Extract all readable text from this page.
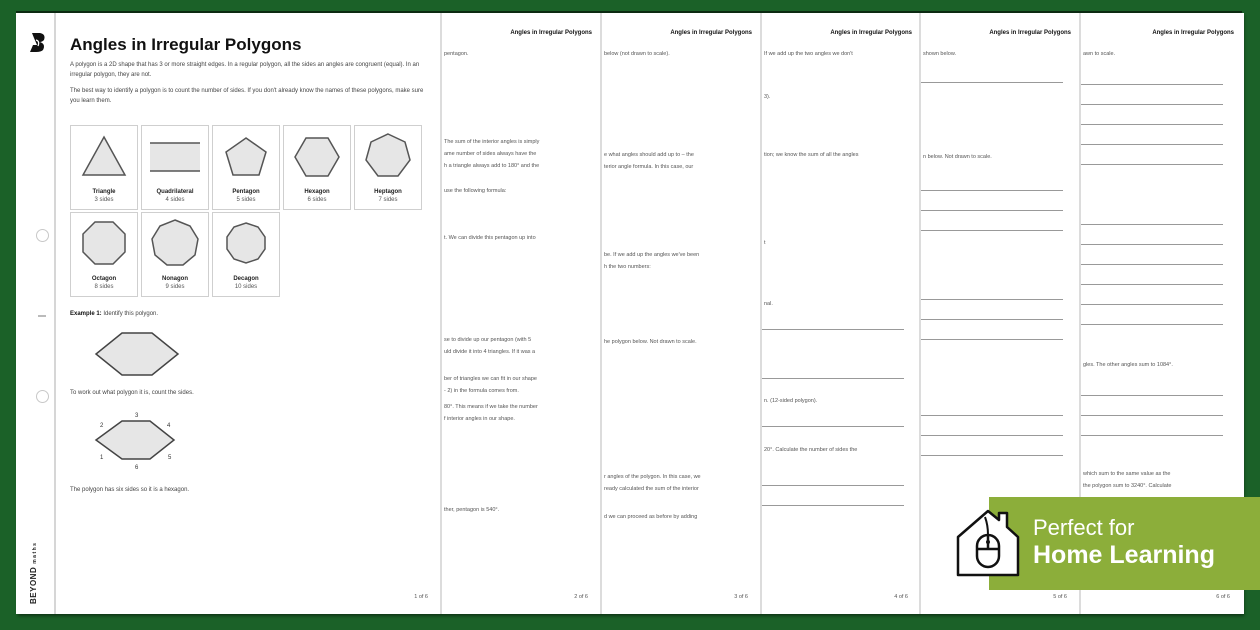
BEYONDmaths
Angles in Irregular Polygons
A polygon is a 2D shape that has 3 or more straight edges. In a regular polygon, all the sides an angles are congruent (equal). In an irregular polygon, they are not.
The best way to identify a polygon is to count the number of sides. If you don't already know the names of these polygons, make sure you learn them.
Triangle
3 sides
Quadrilateral
4 sides
Pentagon
5 sides
Hexagon
6 sides
Heptagon
7 sides
Octagon
8 sides
Nonagon
9 sides
Decagon
10 sides
Example 1: Identify this polygon.
To work out what polygon it is, count the sides.
3
4
5
6
1
2
The polygon has six sides so it is a hexagon.
1 of 6
Angles in Irregular Polygons
2 of 6
pentagon.
The sum of the interior angles is simply
ame number of sides always have the
h a triangle always add to 180° and the
use the following formula:
t. We can divide this pentagon up into
se to divide up our pentagon (with 5
uld divide it into 4 triangles. If it was a
ber of triangles we can fit in our shape
- 2) in the formula comes from.
80°. This means if we take the number
f interior angles in our shape.
ther, pentagon is 540°.
Angles in Irregular Polygons
3 of 6
below (not drawn to scale).
e what angles should add up to – the
terior angle formula. In this case, our
be. If we add up the angles we've been
h the two numbers:
he polygon below. Not drawn to scale.
r angles of the polygon. In this case, we
ready calculated the sum of the interior
d we can proceed as before by adding
Angles in Irregular Polygons
4 of 6
If we add up the two angles we don't
3).
tion; we know the sum of all the angles
t
nal.
n. (12-sided polygon).
20°. Calculate the number of sides the
Angles in Irregular Polygons
5 of 6
shown below.
n below. Not drawn to scale.
Angles in Irregular Polygons
6 of 6
awn to scale.
gles. The other angles sum to 1084°.
which sum to the same value as the
the polygon sum to 3240°. Calculate
Perfect for
Home Learning
